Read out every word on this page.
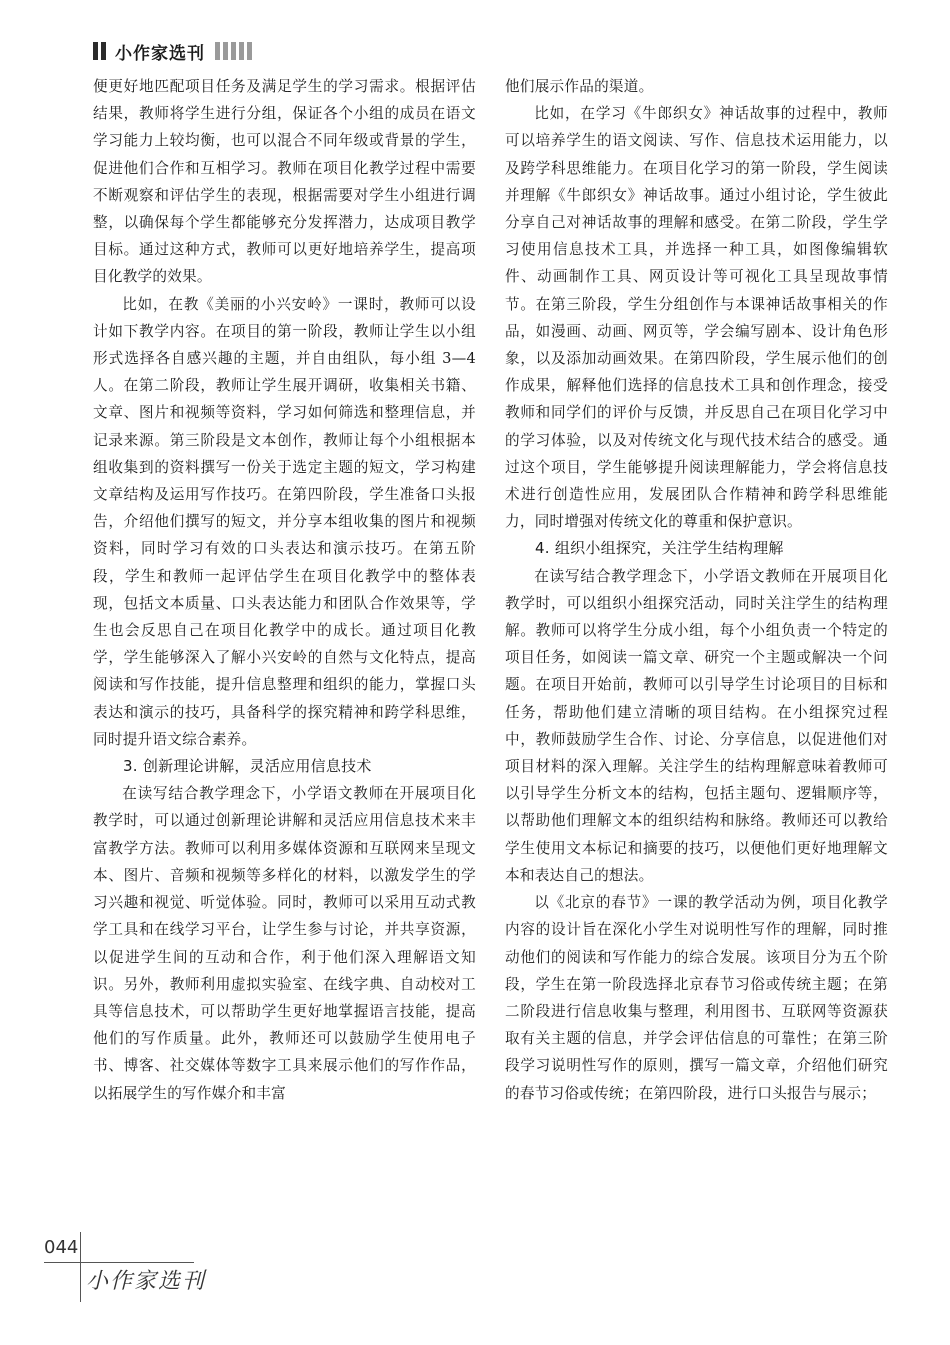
小作家选刊

便更好地匹配项目任务及满足学生的学习需求。根据评估结果，教师将学生进行分组，保证各个小组的成员在语文学习能力上较均衡，也可以混合不同年级或背景的学生，促进他们合作和互相学习。教师在项目化教学过程中需要不断观察和评估学生的表现，根据需要对学生小组进行调整，以确保每个学生都能够充分发挥潜力，达成项目教学目标。通过这种方式，教师可以更好地培养学生，提高项目化教学的效果。

比如，在教《美丽的小兴安岭》一课时，教师可以设计如下教学内容。在项目的第一阶段，教师让学生以小组形式选择各自感兴趣的主题，并自由组队，每小组 3—4 人。在第二阶段，教师让学生展开调研，收集相关书籍、文章、图片和视频等资料，学习如何筛选和整理信息，并记录来源。第三阶段是文本创作，教师让每个小组根据本组收集到的资料撰写一份关于选定主题的短文，学习构建文章结构及运用写作技巧。在第四阶段，学生准备口头报告，介绍他们撰写的短文，并分享本组收集的图片和视频资料，同时学习有效的口头表达和演示技巧。在第五阶段，学生和教师一起评估学生在项目化教学中的整体表现，包括文本质量、口头表达能力和团队合作效果等，学生也会反思自己在项目化教学中的成长。通过项目化教学，学生能够深入了解小兴安岭的自然与文化特点，提高阅读和写作技能，提升信息整理和组织的能力，掌握口头表达和演示的技巧，具备科学的探究精神和跨学科思维，同时提升语文综合素养。

3. 创新理论讲解，灵活应用信息技术

在读写结合教学理念下，小学语文教师在开展项目化教学时，可以通过创新理论讲解和灵活应用信息技术来丰富教学方法。教师可以利用多媒体资源和互联网来呈现文本、图片、音频和视频等多样化的材料，以激发学生的学习兴趣和视觉、听觉体验。同时，教师可以采用互动式教学工具和在线学习平台，让学生参与讨论，并共享资源，以促进学生间的互动和合作，利于他们深入理解语文知识。另外，教师利用虚拟实验室、在线字典、自动校对工具等信息技术，可以帮助学生更好地掌握语言技能，提高他们的写作质量。此外，教师还可以鼓励学生使用电子书、博客、社交媒体等数字工具来展示他们的写作作品，以拓展学生的写作媒介和丰富

他们展示作品的渠道。

比如，在学习《牛郎织女》神话故事的过程中，教师可以培养学生的语文阅读、写作、信息技术运用能力，以及跨学科思维能力。在项目化学习的第一阶段，学生阅读并理解《牛郎织女》神话故事。通过小组讨论，学生彼此分享自己对神话故事的理解和感受。在第二阶段，学生学习使用信息技术工具，并选择一种工具，如图像编辑软件、动画制作工具、网页设计等可视化工具呈现故事情节。在第三阶段，学生分组创作与本课神话故事相关的作品，如漫画、动画、网页等，学会编写剧本、设计角色形象，以及添加动画效果。在第四阶段，学生展示他们的创作成果，解释他们选择的信息技术工具和创作理念，接受教师和同学们的评价与反馈，并反思自己在项目化学习中的学习体验，以及对传统文化与现代技术结合的感受。通过这个项目，学生能够提升阅读理解能力，学会将信息技术进行创造性应用，发展团队合作精神和跨学科思维能力，同时增强对传统文化的尊重和保护意识。

4. 组织小组探究，关注学生结构理解

在读写结合教学理念下，小学语文教师在开展项目化教学时，可以组织小组探究活动，同时关注学生的结构理解。教师可以将学生分成小组，每个小组负责一个特定的项目任务，如阅读一篇文章、研究一个主题或解决一个问题。在项目开始前，教师可以引导学生讨论项目的目标和任务，帮助他们建立清晰的项目结构。在小组探究过程中，教师鼓励学生合作、讨论、分享信息，以促进他们对项目材料的深入理解。关注学生的结构理解意味着教师可以引导学生分析文本的结构，包括主题句、逻辑顺序等，以帮助他们理解文本的组织结构和脉络。教师还可以教给学生使用文本标记和摘要的技巧，以便他们更好地理解文本和表达自己的想法。

以《北京的春节》一课的教学活动为例，项目化教学内容的设计旨在深化小学生对说明性写作的理解，同时推动他们的阅读和写作能力的综合发展。该项目分为五个阶段，学生在第一阶段选择北京春节习俗或传统主题；在第二阶段进行信息收集与整理，利用图书、互联网等资源获取有关主题的信息，并学会评估信息的可靠性；在第三阶段学习说明性写作的原则，撰写一篇文章，介绍他们研究的春节习俗或传统；在第四阶段，进行口头报告与展示；

044
小作家选刊
